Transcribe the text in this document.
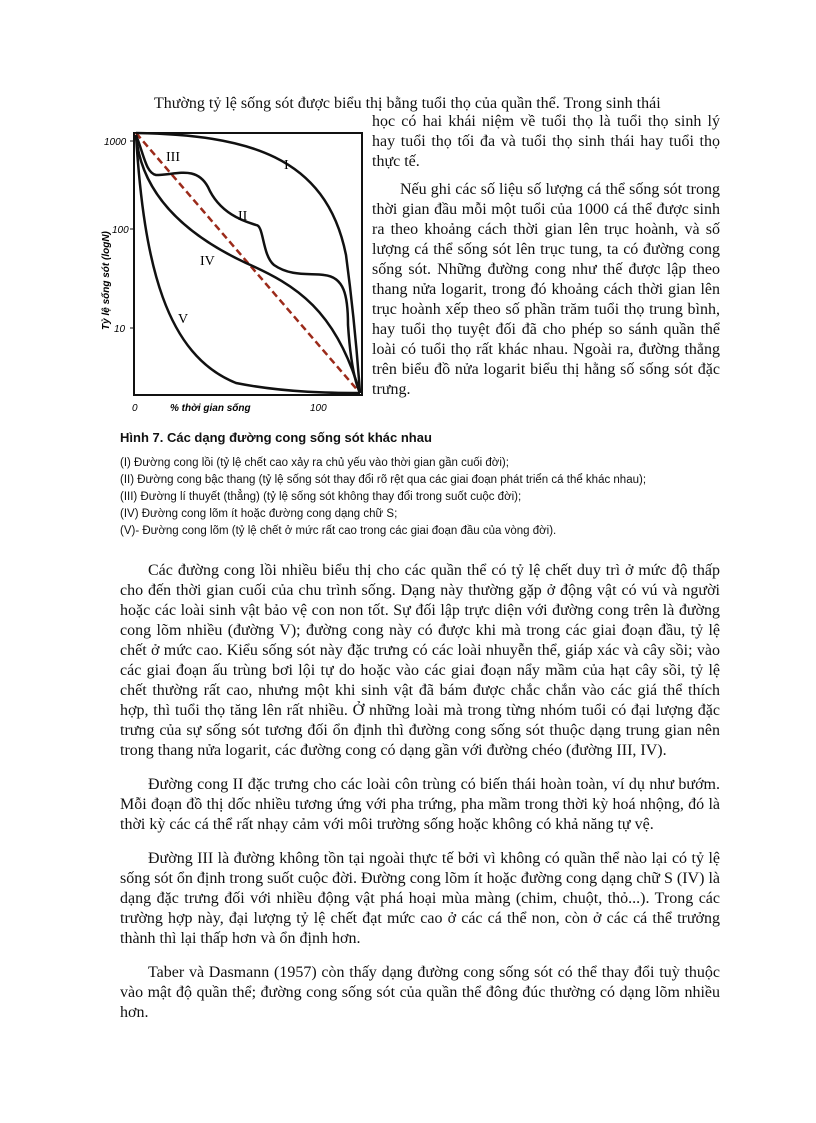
Thường tỷ lệ sống sót được biểu thị bằng tuổi thọ của quần thể. Trong sinh thái
1000
100
10
Tỷ lệ sống sót (logN)
0	% thời gian sống	100
III
I
II
IV
V

học có hai khái niệm về tuổi thọ là tuổi thọ sinh lý hay tuổi thọ tối đa và tuổi thọ sinh thái hay tuổi thọ thực tế.

Nếu ghi các số liệu số lượng cá thể sống sót trong thời gian đầu mỗi một tuổi của 1000 cá thể được sinh ra theo khoảng cách thời gian lên trục hoành, và số lượng cá thể sống sót lên trục tung, ta có đường cong sống sót. Những đường cong như thế được lập theo thang nửa logarit, trong đó khoảng cách thời gian lên trục hoành xếp theo số phần trăm tuổi thọ trung bình, hay tuổi thọ tuyệt đối đã cho phép so sánh quần thể loài có tuổi thọ rất khác nhau. Ngoài ra, đường thẳng trên biểu đồ nửa logarit biểu thị hằng số sống sót đặc trưng.

Hình 7. Các dạng đường cong sống sót khác nhau
(I) Đường cong lồi (tỷ lệ chết cao xảy ra chủ yếu vào thời gian gần cuối đời);
(II) Đường cong bậc thang (tỷ lệ sống sót thay đổi rõ rệt qua các giai đoạn phát triển cá thể khác nhau);
(III) Đường lí thuyết (thẳng) (tỷ lệ sống sót không thay đổi trong suốt cuộc đời);
(IV) Đường cong lõm ít hoặc đường cong dạng chữ S;
(V)- Đường cong lõm (tỷ lệ chết ở mức rất cao trong các giai đoạn đầu của vòng đời).

Các đường cong lồi nhiều biểu thị cho các quần thể có tỷ lệ chết duy trì ở mức độ thấp cho đến thời gian cuối của chu trình sống. Dạng này thường gặp ở động vật có vú và người hoặc các loài sinh vật bảo vệ con non tốt. Sự đối lập trực diện với đường cong trên là đường cong lõm nhiều (đường V); đường cong này có được khi mà trong các giai đoạn đầu, tỷ lệ chết ở mức cao. Kiểu sống sót này đặc trưng có các loài nhuyễn thể, giáp xác và cây sồi; vào các giai đoạn ấu trùng bơi lội tự do hoặc vào các giai đoạn nẩy mầm của hạt cây sồi, tỷ lệ chết thường rất cao, nhưng một khi sinh vật đã bám được chắc chắn vào các giá thể thích hợp, thì tuổi thọ tăng lên rất nhiều. Ở những loài mà trong từng nhóm tuổi có đại lượng đặc trưng của sự sống sót tương đối ổn định thì đường cong sống sót thuộc dạng trung gian nên trong thang nửa logarit, các đường cong có dạng gần với đường chéo (đường III, IV).

Đường cong II đặc trưng cho các loài côn trùng có biến thái hoàn toàn, ví dụ như bướm. Mỗi đoạn đồ thị dốc nhiều tương ứng với pha trứng, pha mầm trong thời kỳ hoá nhộng, đó là thời kỳ các cá thể rất nhạy cảm với môi trường sống hoặc không có khả năng tự vệ.

Đường III là đường không tồn tại ngoài thực tế bởi vì không có quần thể nào lại có tỷ lệ sống sót ổn định trong suốt cuộc đời. Đường cong lõm ít hoặc đường cong dạng chữ S (IV) là dạng đặc trưng đối với nhiều động vật phá hoại mùa màng (chim, chuột, thỏ...). Trong các trường hợp này, đại lượng tỷ lệ chết đạt mức cao ở các cá thể non, còn ở các cá thể trưởng thành thì lại thấp hơn và ổn định hơn.

Taber và Dasmann (1957) còn thấy dạng đường cong sống sót có thể thay đổi tuỳ thuộc vào mật độ quần thể; đường cong sống sót của quần thể đông đúc thường có dạng lõm nhiều hơn.
